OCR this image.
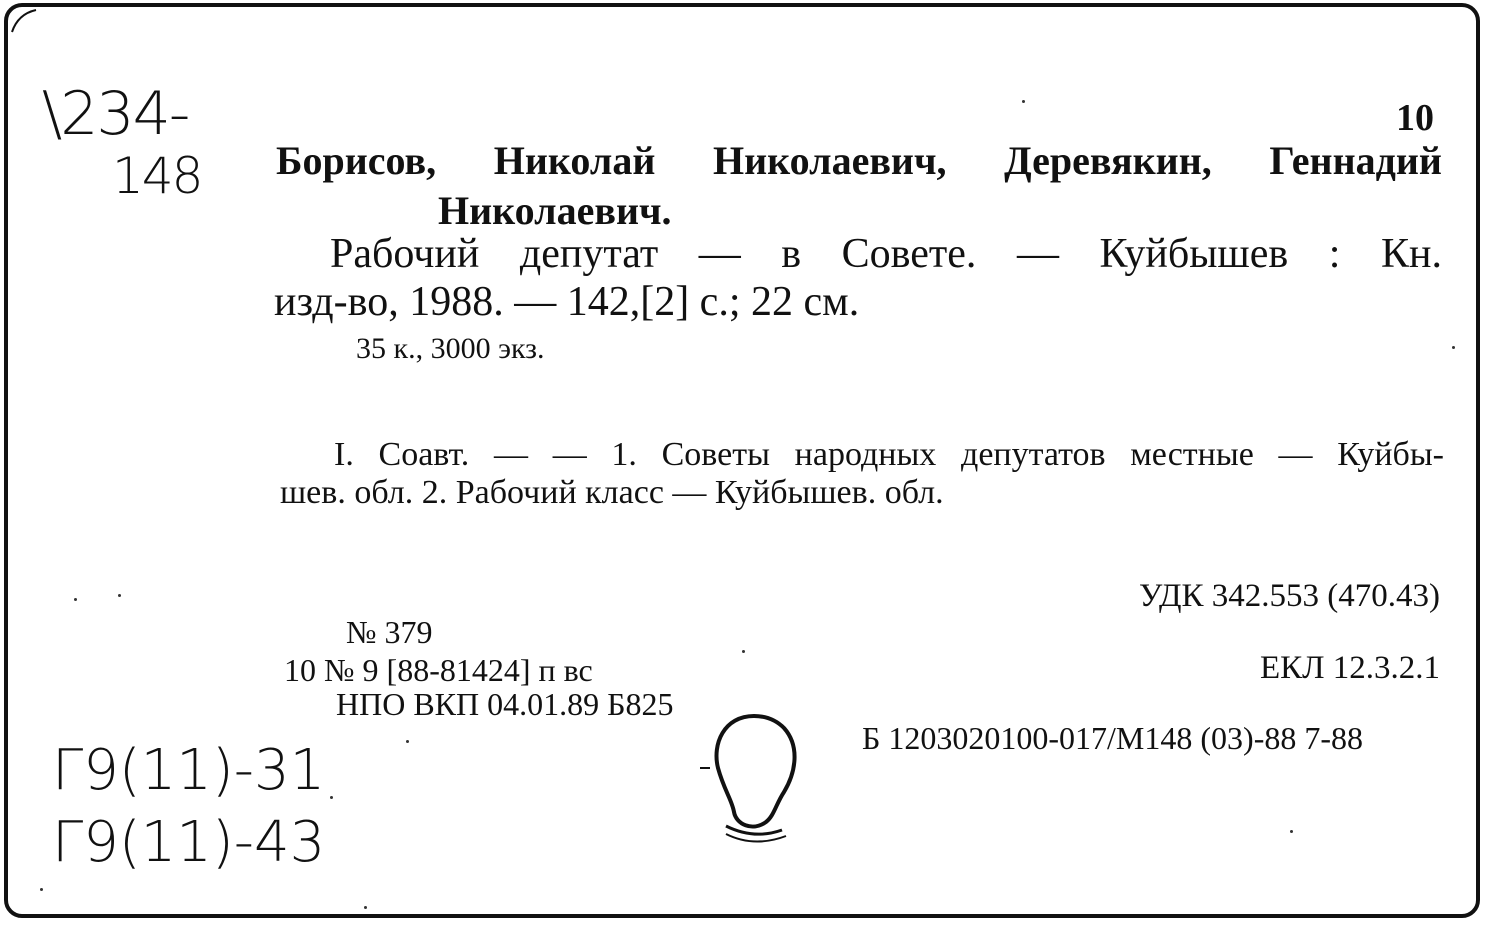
\234-
148
10
Борисов, Николай Николаевич, Деревякин, Геннадий
Николаевич.
Рабочий депутат — в Совете. — Куйбышев : Кн.
изд-во, 1988. — 142,[2] с.; 22 см.
35 к., 3000 экз.
I. Соавт. — — 1. Советы народных депутатов местные — Куйбы-
шев. обл. 2. Рабочий класс — Куйбышев. обл.
УДК 342.553 (470.43)
№ 379
10 № 9 [88-81424] п вс	ЕКЛ 12.3.2.1
НПО ВКП 04.01.89 Б825
Б 1203020100-017/М148 (03)-88 7-88
Г9(11)-31
Г9(11)-43
